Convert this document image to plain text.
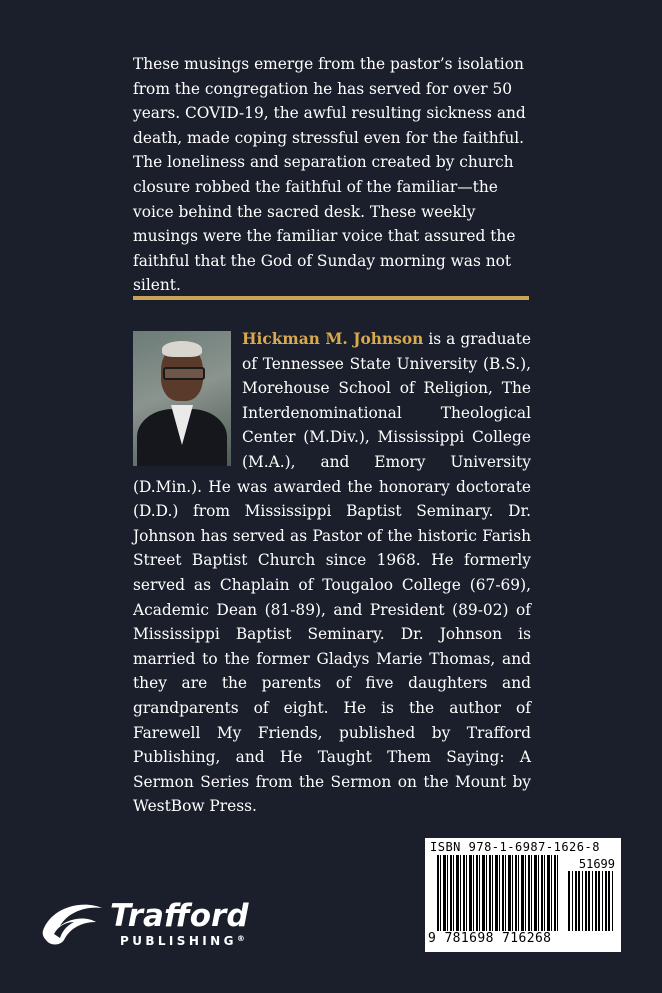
These musings emerge from the pastor’s isolation from the congregation he has served for over 50 years. COVID-19, the awful resulting sickness and death, made coping stressful even for the faithful. The loneliness and separation created by church closure robbed the faithful of the familiar—the voice behind the sacred desk. These weekly musings were the familiar voice that assured the faithful that the God of Sunday morning was not silent.

Hickman M. Johnson is a graduate of Tennessee State University (B.S.), Morehouse School of Religion, The Interdenominational Theological Center (M.Div.), Mississippi College (M.A.), and Emory University (D.Min.). He was awarded the honorary doctorate (D.D.) from Mississippi Baptist Seminary. Dr. Johnson has served as Pastor of the historic Farish Street Baptist Church since 1968. He formerly served as Chaplain of Tougaloo College (67-69), Academic Dean (81-89), and President (89-02) of Mississippi Baptist Seminary. Dr. Johnson is married to the former Gladys Marie Thomas, and they are the parents of five daughters and grandparents of eight. He is the author of Farewell My Friends, published by Trafford Publishing, and He Taught Them Saying: A Sermon Series from the Sermon on the Mount by WestBow Press.
Trafford
PUBLISHING®
ISBN 978-1-6987-1626-8
51699
9 781698 716268
